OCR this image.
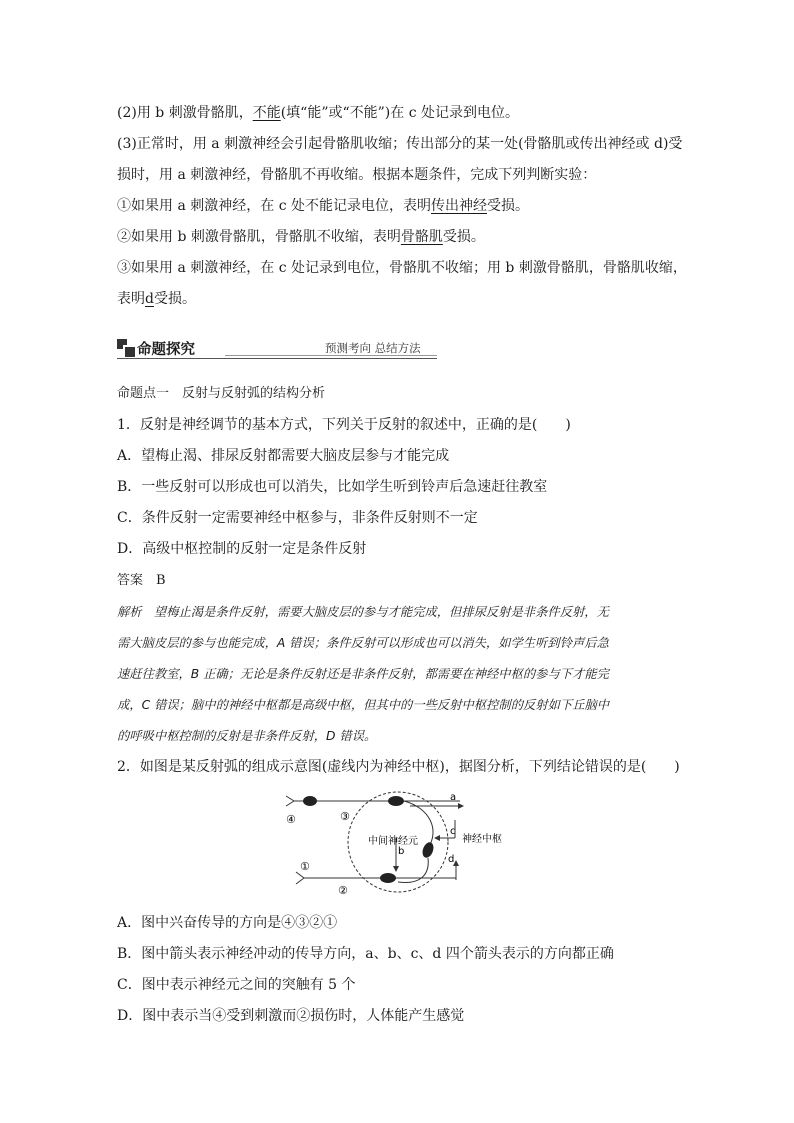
(2)用 b 刺激骨骼肌，不能(填“能”或“不能”)在 c 处记录到电位。
(3)正常时，用 a 刺激神经会引起骨骼肌收缩；传出部分的某一处(骨骼肌或传出神经或 d)受
损时，用 a 刺激神经，骨骼肌不再收缩。根据本题条件，完成下列判断实验：
①如果用 a 刺激神经，在 c 处不能记录电位，表明传出神经受损。
②如果用 b 刺激骨骼肌，骨骼肌不收缩，表明骨骼肌受损。
③如果用 a 刺激神经，在 c 处记录到电位，骨骼肌不收缩；用 b 刺激骨骼肌，骨骼肌收缩，
表明d受损。
命题探究	预测考向 总结方法
命题点一　反射与反射弧的结构分析
1．反射是神经调节的基本方式，下列关于反射的叙述中，正确的是(　　)
A．望梅止渴、排尿反射都需要大脑皮层参与才能完成
B．一些反射可以形成也可以消失，比如学生听到铃声后急速赶往教室
C．条件反射一定需要神经中枢参与，非条件反射则不一定
D．高级中枢控制的反射一定是条件反射
答案　B
解析　望梅止渴是条件反射，需要大脑皮层的参与才能完成，但排尿反射是非条件反射，无
需大脑皮层的参与也能完成，A 错误；条件反射可以形成也可以消失，如学生听到铃声后急
速赶往教室，B 正确；无论是条件反射还是非条件反射，都需要在神经中枢的参与下才能完
成，C 错误；脑中的神经中枢都是高级中枢，但其中的一些反射中枢控制的反射如下丘脑中
的呼吸中枢控制的反射是非条件反射，D 错误。
2．如图是某反射弧的组成示意图(虚线内为神经中枢)，据图分析，下列结论错误的是(　　)
④	③
①
②
a
b
c
d
中间神经元	神经中枢
A．图中兴奋传导的方向是④③②①
B．图中箭头表示神经冲动的传导方向，a、b、c、d 四个箭头表示的方向都正确
C．图中表示神经元之间的突触有 5 个
D．图中表示当④受到刺激而②损伤时，人体能产生感觉
